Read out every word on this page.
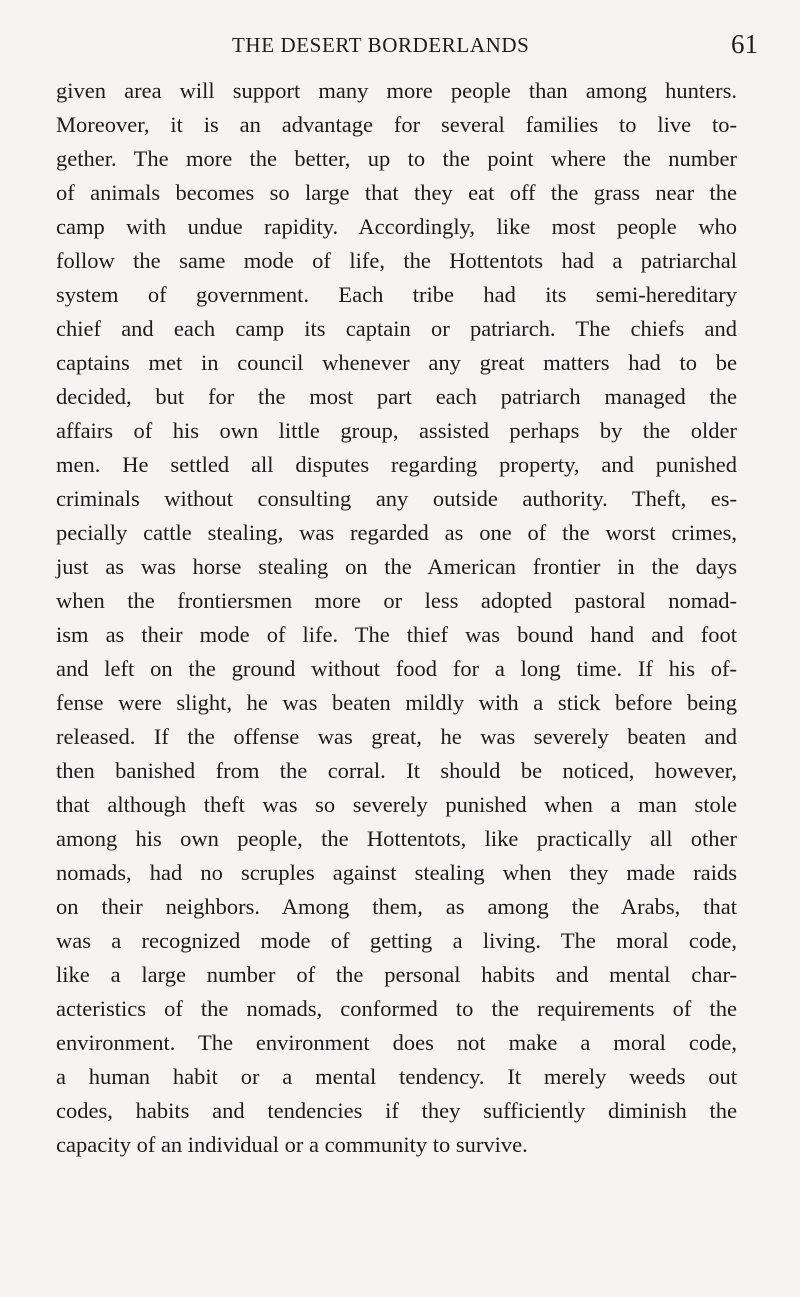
THE DESERT BORDERLANDS	61
given area will support many more people than among hunters.
Moreover, it is an advantage for several families to live to-
gether. The more the better, up to the point where the number
of animals becomes so large that they eat off the grass near the
camp with undue rapidity. Accordingly, like most people who
follow the same mode of life, the Hottentots had a patriarchal
system of government. Each tribe had its semi-hereditary
chief and each camp its captain or patriarch. The chiefs and
captains met in council whenever any great matters had to be
decided, but for the most part each patriarch managed the
affairs of his own little group, assisted perhaps by the older
men. He settled all disputes regarding property, and punished
criminals without consulting any outside authority. Theft, es-
pecially cattle stealing, was regarded as one of the worst crimes,
just as was horse stealing on the American frontier in the days
when the frontiersmen more or less adopted pastoral nomad-
ism as their mode of life. The thief was bound hand and foot
and left on the ground without food for a long time. If his of-
fense were slight, he was beaten mildly with a stick before being
released. If the offense was great, he was severely beaten and
then banished from the corral. It should be noticed, however,
that although theft was so severely punished when a man stole
among his own people, the Hottentots, like practically all other
nomads, had no scruples against stealing when they made raids
on their neighbors. Among them, as among the Arabs, that
was a recognized mode of getting a living. The moral code,
like a large number of the personal habits and mental char-
acteristics of the nomads, conformed to the requirements of the
environment. The environment does not make a moral code,
a human habit or a mental tendency. It merely weeds out
codes, habits and tendencies if they sufficiently diminish the
capacity of an individual or a community to survive.
